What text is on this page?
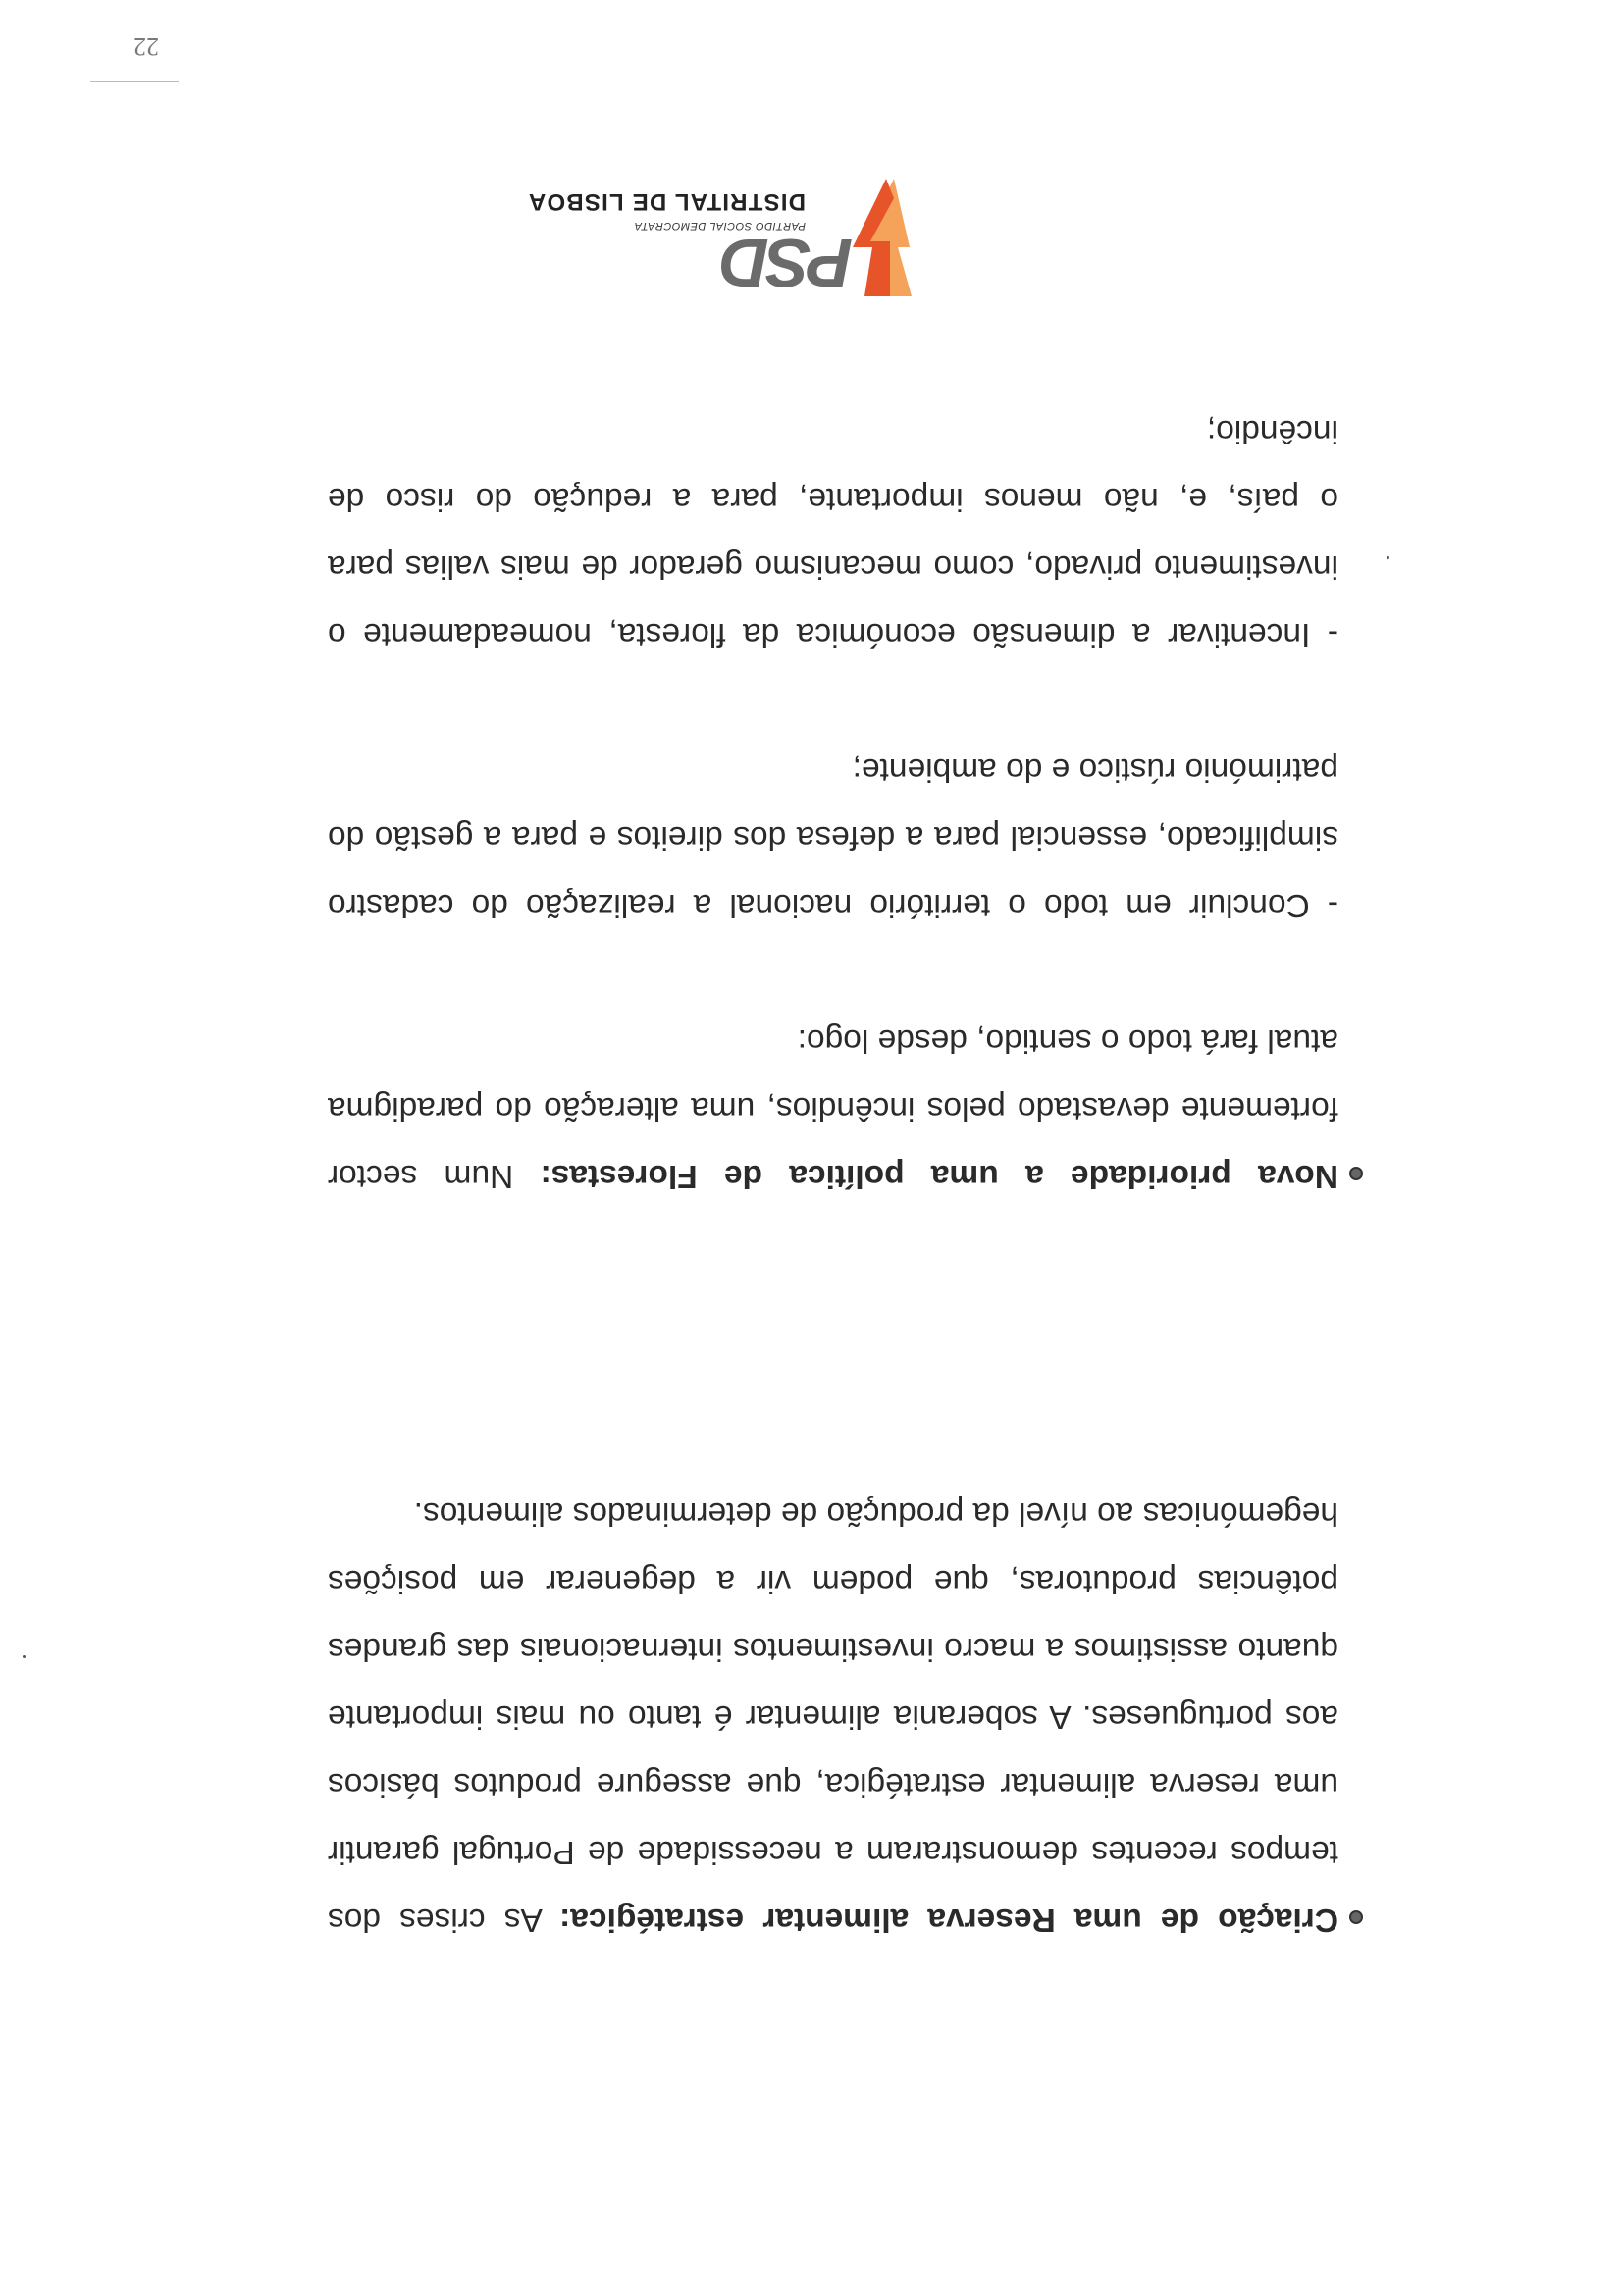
PSD
PARTIDO SOCIAL DEMOCRATA
DISTRITAL DE LISBOA

Criação de uma Reserva alimentar estratégica: As crises dos tempos recentes demonstraram a necessidade de Portugal garantir uma reserva alimentar estratégica, que assegure produtos básicos aos portugueses. A soberania alimentar é tanto ou mais importante quanto assistimos a macro investimentos internacionais das grandes potências produtoras, que podem vir a degenerar em posições hegemónicas ao nível da produção de determinados alimentos.

Nova prioridade a uma política de Florestas: Num sector fortemente devastado pelos incêndios, uma alteração do paradigma atual fará todo o sentido, desde logo:

- Concluir em todo o território nacional a realização do cadastro simplificado, essencial para a defesa dos direitos e para a gestão do património rústico e do ambiente;

- Incentivar a dimensão económica da floresta, nomeadamente o investimento privado, como mecanismo gerador de mais valias para o país, e, não menos importante, para a redução do risco de incêndio;

22
